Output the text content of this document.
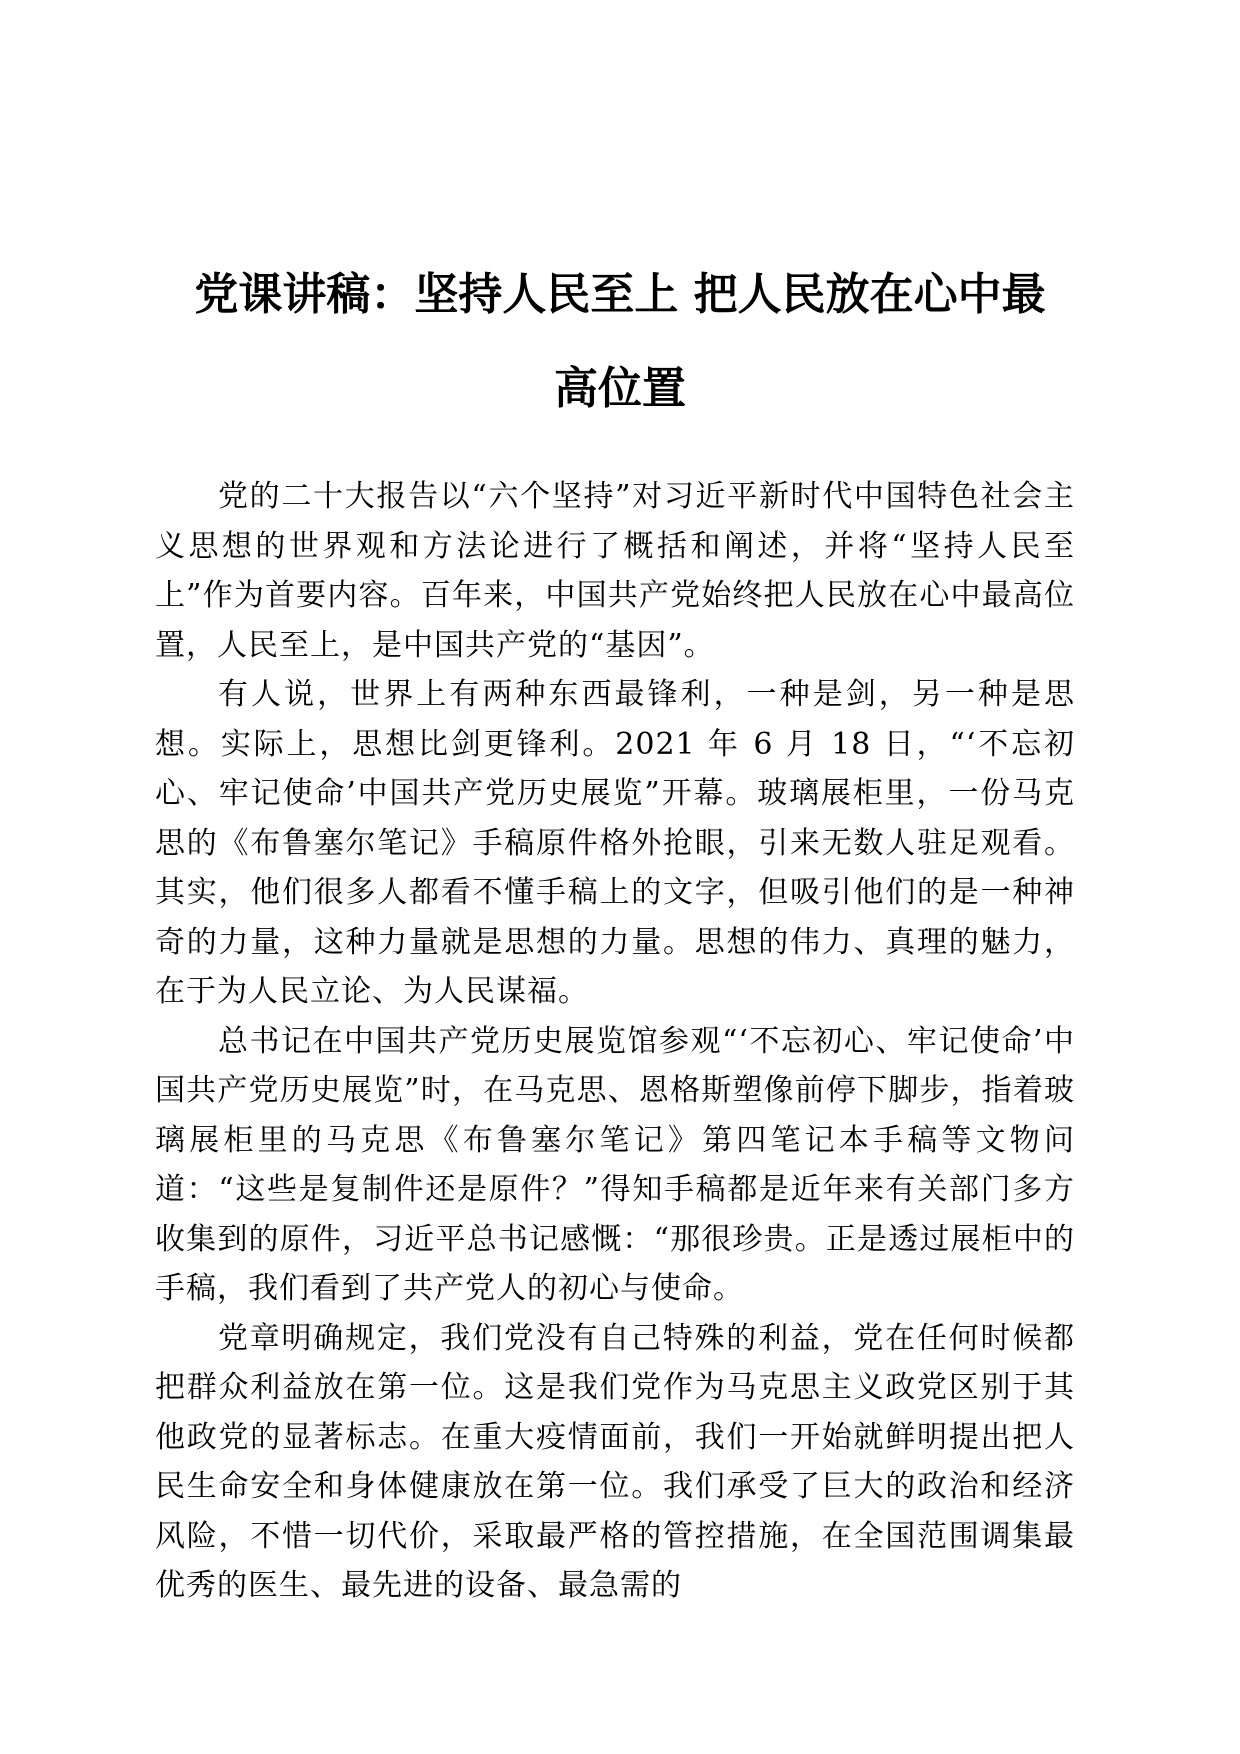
党课讲稿：坚持人民至上 把人民放在心中最
高位置

党的二十大报告以“六个坚持”对习近平新时代中国特色社会主义思想的世界观和方法论进行了概括和阐述，并将“坚持人民至上”作为首要内容。百年来，中国共产党始终把人民放在心中最高位置，人民至上，是中国共产党的“基因”。

有人说，世界上有两种东西最锋利，一种是剑，另一种是思想。实际上，思想比剑更锋利。2021 年 6 月 18 日，“‘不忘初心、牢记使命’中国共产党历史展览”开幕。玻璃展柜里，一份马克思的《布鲁塞尔笔记》手稿原件格外抢眼，引来无数人驻足观看。其实，他们很多人都看不懂手稿上的文字，但吸引他们的是一种神奇的力量，这种力量就是思想的力量。思想的伟力、真理的魅力，在于为人民立论、为人民谋福。

总书记在中国共产党历史展览馆参观“‘不忘初心、牢记使命’中国共产党历史展览”时，在马克思、恩格斯塑像前停下脚步，指着玻璃展柜里的马克思《布鲁塞尔笔记》第四笔记本手稿等文物问道：“这些是复制件还是原件？”得知手稿都是近年来有关部门多方收集到的原件，习近平总书记感慨：“那很珍贵。正是透过展柜中的手稿，我们看到了共产党人的初心与使命。

党章明确规定，我们党没有自己特殊的利益，党在任何时候都把群众利益放在第一位。这是我们党作为马克思主义政党区别于其他政党的显著标志。在重大疫情面前，我们一开始就鲜明提出把人民生命安全和身体健康放在第一位。我们承受了巨大的政治和经济风险，不惜一切代价，采取最严格的管控措施，在全国范围调集最优秀的医生、最先进的设备、最急需的
